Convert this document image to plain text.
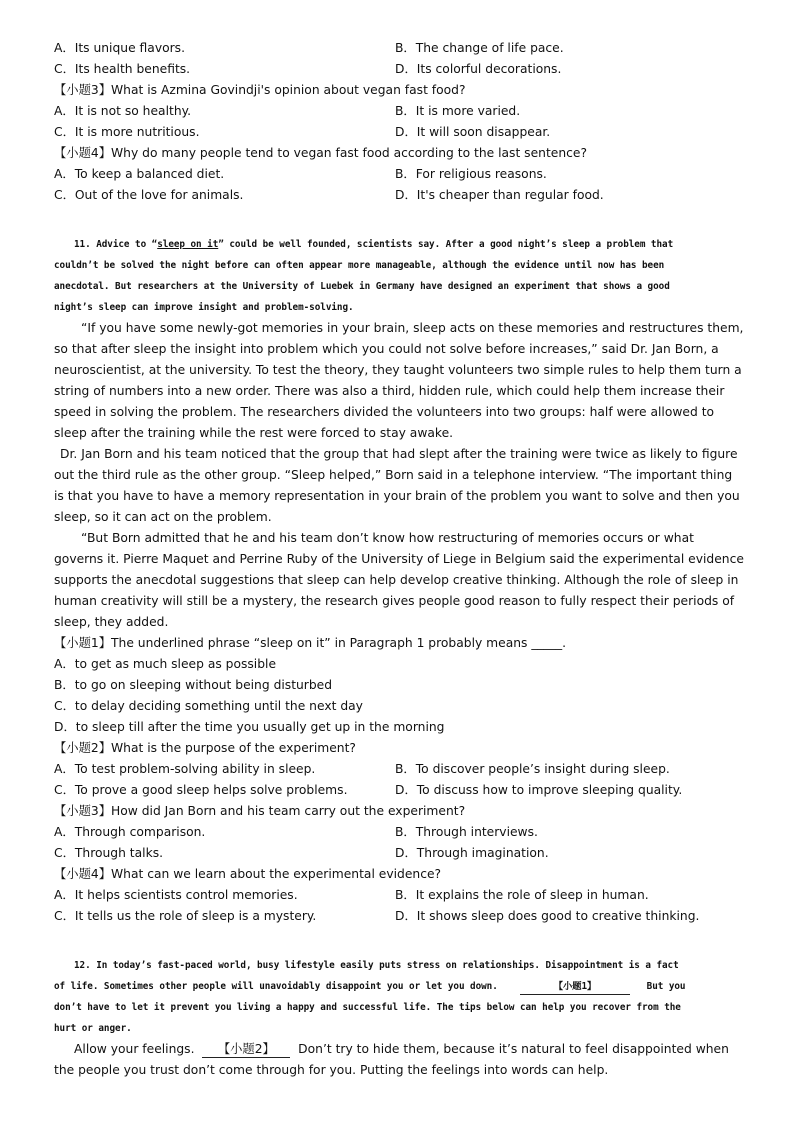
A．Its unique flavors.	B．The change of life pace.
C．Its health benefits.	D．Its colorful decorations.
【小题3】What is Azmina Govindji's opinion about vegan fast food?
A．It is not so healthy.	B．It is more varied.
C．It is more nutritious.	D．It will soon disappear.
【小题4】Why do many people tend to vegan fast food according to the last sentence?
A．To keep a balanced diet.	B．For religious reasons.
C．Out of the love for animals.	D．It's cheaper than regular food.
11. Advice to “sleep on it” could be well founded, scientists say. After a good night’s sleep a problem that
couldn’t be solved the night before can often appear more manageable, although the evidence until now has been
anecdotal. But researchers at the University of Luebek in Germany have designed an experiment that shows a good
night’s sleep can improve insight and problem-solving.
“If you have some newly-got memories in your brain, sleep acts on these memories and restructures them, so that after sleep the insight into problem which you could not solve before increases,” said Dr. Jan Born, a neuroscientist, at the university. To test the theory, they taught volunteers two simple rules to help them turn a string of numbers into a new order. There was also a third, hidden rule, which could help them increase their speed in solving the problem. The researchers divided the volunteers into two groups: half were allowed to sleep after the training while the rest were forced to stay awake.
Dr. Jan Born and his team noticed that the group that had slept after the training were twice as likely to figure out the third rule as the other group. “Sleep helped,” Born said in a telephone interview. “The important thing is that you have to have a memory representation in your brain of the problem you want to solve and then you sleep, so it can act on the problem.
“But Born admitted that he and his team don’t know how restructuring of memories occurs or what governs it. Pierre Maquet and Perrine Ruby of the University of Liege in Belgium said the experimental evidence supports the anecdotal suggestions that sleep can help develop creative thinking. Although the role of sleep in human creativity will still be a mystery, the research gives people good reason to fully respect their periods of sleep, they added.
【小题1】The underlined phrase “sleep on it” in Paragraph 1 probably means _____.
A．to get as much sleep as possible
B．to go on sleeping without being disturbed
C．to delay deciding something until the next day
D．to sleep till after the time you usually get up in the morning
【小题2】What is the purpose of the experiment?
A．To test problem-solving ability in sleep.	B．To discover people’s insight during sleep.
C．To prove a good sleep helps solve problems.	D．To discuss how to improve sleeping quality.
【小题3】How did Jan Born and his team carry out the experiment?
A．Through comparison.	B．Through interviews.
C．Through talks.	D．Through imagination.
【小题4】What can we learn about the experimental evidence?
A．It helps scientists control memories.	B．It explains the role of sleep in human.
C．It tells us the role of sleep is a mystery.	D．It shows sleep does good to creative thinking.
12. In today’s fast-paced world, busy lifestyle easily puts stress on relationships. Disappointment is a fact
of life. Sometimes other people will unavoidably disappoint you or let you down.	【小题1】	But you
don’t have to let it prevent you living a happy and successful life. The tips below can help you recover from the
hurt or anger.
Allow your feelings. 【小题2】 Don’t try to hide them, because it’s natural to feel disappointed when the people you trust don’t come through for you. Putting the feelings into words can help.
